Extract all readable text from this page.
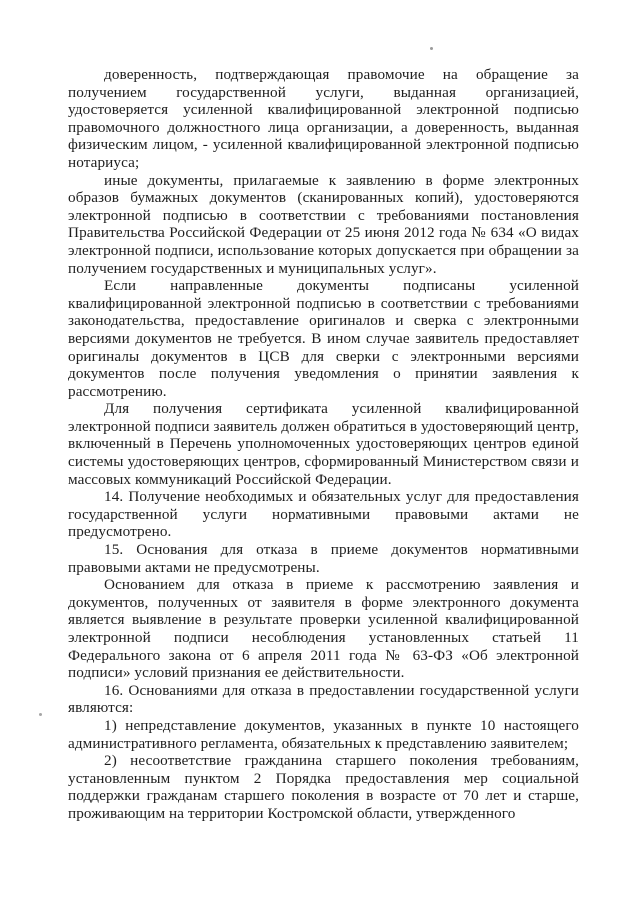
доверенность, подтверждающая правомочие на обращение за получением государственной услуги, выданная организацией, удостоверяется усиленной квалифицированной электронной подписью правомочного должностного лица организации, а доверенность, выданная физическим лицом, - усиленной квалифицированной электронной подписью нотариуса;

иные документы, прилагаемые к заявлению в форме электронных образов бумажных документов (сканированных копий), удостоверяются электронной подписью в соответствии с требованиями постановления Правительства Российской Федерации от 25 июня 2012 года № 634 «О видах электронной подписи, использование которых допускается при обращении за получением государственных и муниципальных услуг».

Если направленные документы подписаны усиленной квалифицированной электронной подписью в соответствии с требованиями законодательства, предоставление оригиналов и сверка с электронными версиями документов не требуется. В ином случае заявитель предоставляет оригиналы документов в ЦСВ для сверки с электронными версиями документов после получения уведомления о принятии заявления к рассмотрению.

Для получения сертификата усиленной квалифицированной электронной подписи заявитель должен обратиться в удостоверяющий центр, включенный в Перечень уполномоченных удостоверяющих центров единой системы удостоверяющих центров, сформированный Министерством связи и массовых коммуникаций Российской Федерации.

14. Получение необходимых и обязательных услуг для предоставления государственной услуги нормативными правовыми актами не предусмотрено.

15. Основания для отказа в приеме документов нормативными правовыми актами не предусмотрены.

Основанием для отказа в приеме к рассмотрению заявления и документов, полученных от заявителя в форме электронного документа является выявление в результате проверки усиленной квалифицированной электронной подписи несоблюдения установленных статьей 11 Федерального закона от 6 апреля 2011 года № 63-ФЗ «Об электронной подписи» условий признания ее действительности.

16. Основаниями для отказа в предоставлении государственной услуги являются:

1) непредставление документов, указанных в пункте 10 настоящего административного регламента, обязательных к представлению заявителем;

2) несоответствие гражданина старшего поколения требованиям, установленным пунктом 2 Порядка предоставления мер социальной поддержки гражданам старшего поколения в возрасте от 70 лет и старше, проживающим на территории Костромской области, утвержденного
